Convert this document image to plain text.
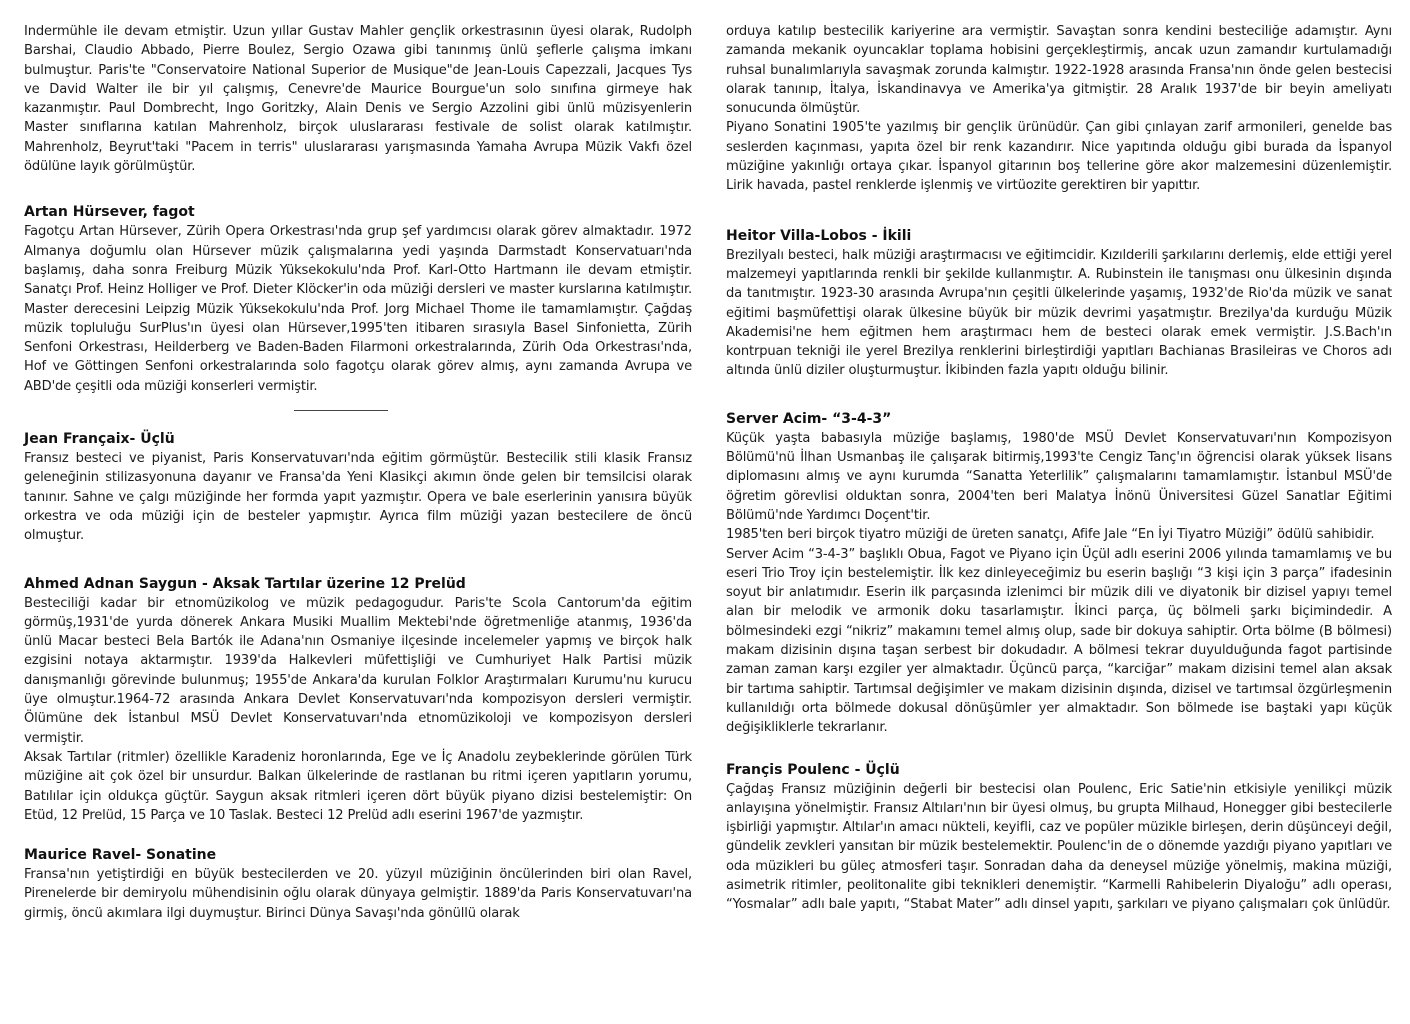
Indermühle ile devam etmiştir. Uzun yıllar Gustav Mahler gençlik orkestrasının üyesi olarak, Rudolph Barshai, Claudio Abbado, Pierre Boulez, Sergio Ozawa gibi tanınmış ünlü şeflerle çalışma imkanı bulmuştur. Paris'te "Conservatoire National Superior de Musique"de Jean-Louis Capezzali, Jacques Tys ve David Walter ile bir yıl çalışmış, Cenevre'de Maurice Bourgue'un solo sınıfına girmeye hak kazanmıştır. Paul Dombrecht, Ingo Goritzky, Alain Denis ve Sergio Azzolini gibi ünlü müzisyenlerin Master sınıflarına katılan Mahrenholz, birçok uluslararası festivale de solist olarak katılmıştır. Mahrenholz, Beyrut'taki "Pacem in terris" uluslararası yarışmasında Yamaha Avrupa Müzik Vakfı özel ödülüne layık görülmüştür.

Artan Hürsever, fagot

Fagotçu Artan Hürsever, Zürih Opera Orkestrası'nda grup şef yardımcısı olarak görev almaktadır. 1972 Almanya doğumlu olan Hürsever müzik çalışmalarına yedi yaşında Darmstadt Konservatuarı'nda başlamış, daha sonra Freiburg Müzik Yüksekokulu'nda Prof. Karl-Otto Hartmann ile devam etmiştir. Sanatçı Prof. Heinz Holliger ve Prof. Dieter Klöcker'in oda müziği dersleri ve master kurslarına katılmıştır. Master derecesini Leipzig Müzik Yüksekokulu'nda Prof. Jorg Michael Thome ile tamamlamıştır. Çağdaş müzik topluluğu SurPlus'ın üyesi olan Hürsever,1995'ten itibaren sırasıyla Basel Sinfonietta, Zürih Senfoni Orkestrası, Heilderberg ve Baden-Baden Filarmoni orkestralarında, Zürih Oda Orkestrası'nda, Hof ve Göttingen Senfoni orkestralarında solo fagotçu olarak görev almış, aynı zamanda Avrupa ve ABD'de çeşitli oda müziği konserleri vermiştir.

Jean Françaix- Üçlü

Fransız besteci ve piyanist, Paris Konservatuvarı'nda eğitim görmüştür. Bestecilik stili klasik Fransız geleneğinin stilizasyonuna dayanır ve Fransa'da Yeni Klasikçi akımın önde gelen bir temsilcisi olarak tanınır. Sahne ve çalgı müziğinde her formda yapıt yazmıştır. Opera ve bale eserlerinin yanısıra büyük orkestra ve oda müziği için de besteler yapmıştır. Ayrıca film müziği yazan bestecilere de öncü olmuştur.

Ahmed Adnan Saygun - Aksak Tartılar üzerine 12 Prelüd

Besteciliği kadar bir etnomüzikolog ve müzik pedagogudur. Paris'te Scola Cantorum'da eğitim görmüş,1931'de yurda dönerek Ankara Musiki Muallim Mektebi'nde öğretmenliğe atanmış, 1936'da ünlü Macar besteci Bela Bartók ile Adana'nın Osmaniye ilçesinde incelemeler yapmış ve birçok halk ezgisini notaya aktarmıştır. 1939'da Halkevleri müfettişliği ve Cumhuriyet Halk Partisi müzik danışmanlığı görevinde bulunmuş; 1955'de Ankara'da kurulan Folklor Araştırmaları Kurumu'nu kurucu üye olmuştur.1964-72 arasında Ankara Devlet Konservatuvarı'nda kompozisyon dersleri vermiştir. Ölümüne dek İstanbul MSÜ Devlet Konservatuvarı'nda etnomüzikoloji ve kompozisyon dersleri vermiştir.

Aksak Tartılar (ritmler) özellikle Karadeniz horonlarında, Ege ve İç Anadolu zeybeklerinde görülen Türk müziğine ait çok özel bir unsurdur. Balkan ülkelerinde de rastlanan bu ritmi içeren yapıtların yorumu, Batılılar için oldukça güçtür. Saygun aksak ritmleri içeren dört büyük piyano dizisi bestelemiştir: On Etüd, 12 Prelüd, 15 Parça ve 10 Taslak. Besteci 12 Prelüd adlı eserini 1967'de yazmıştır.

Maurice Ravel- Sonatine

Fransa'nın yetiştirdiği en büyük bestecilerden ve 20. yüzyıl müziğinin öncülerinden biri olan Ravel, Pirenelerde bir demiryolu mühendisinin oğlu olarak dünyaya gelmiştir. 1889'da Paris Konservatuvarı'na girmiş, öncü akımlara ilgi duymuştur. Birinci Dünya Savaşı'nda gönüllü olarak

orduya katılıp bestecilik kariyerine ara vermiştir. Savaştan sonra kendini besteciliğe adamıştır. Aynı zamanda mekanik oyuncaklar toplama hobisini gerçekleştirmiş, ancak uzun zamandır kurtulamadığı ruhsal bunalımlarıyla savaşmak zorunda kalmıştır. 1922-1928 arasında Fransa'nın önde gelen bestecisi olarak tanınıp, İtalya, İskandinavya ve Amerika'ya gitmiştir. 28 Aralık 1937'de bir beyin ameliyatı sonucunda ölmüştür.

Piyano Sonatini 1905'te yazılmış bir gençlik ürünüdür. Çan gibi çınlayan zarif armonileri, genelde bas seslerden kaçınması, yapıta özel bir renk kazandırır. Nice yapıtında olduğu gibi burada da İspanyol müziğine yakınlığı ortaya çıkar. İspanyol gitarının boş tellerine göre akor malzemesini düzenlemiştir. Lirik havada, pastel renklerde işlenmiş ve virtüozite gerektiren bir yapıttır.

Heitor Villa-Lobos - İkili

Brezilyalı besteci, halk müziği araştırmacısı ve eğitimcidir. Kızılderili şarkılarını derlemiş, elde ettiği yerel malzemeyi yapıtlarında renkli bir şekilde kullanmıştır. A. Rubinstein ile tanışması onu ülkesinin dışında da tanıtmıştır. 1923-30 arasında Avrupa'nın çeşitli ülkelerinde yaşamış, 1932'de Rio'da müzik ve sanat eğitimi başmüfettişi olarak ülkesine büyük bir müzik devrimi yaşatmıştır. Brezilya'da kurduğu Müzik Akademisi'ne hem eğitmen hem araştırmacı hem de besteci olarak emek vermiştir. J.S.Bach'ın kontrpuan tekniği ile yerel Brezilya renklerini birleştirdiği yapıtları Bachianas Brasileiras ve Choros adı altında ünlü diziler oluşturmuştur. İkibinden fazla yapıtı olduğu bilinir.

Server Acim- “3-4-3”

Küçük yaşta babasıyla müziğe başlamış, 1980'de MSÜ Devlet Konservatuvarı'nın Kompozisyon Bölümü'nü İlhan Usmanbaş ile çalışarak bitirmiş,1993'te Cengiz Tanç'ın öğrencisi olarak yüksek lisans diplomasını almış ve aynı kurumda “Sanatta Yeterlilik” çalışmalarını tamamlamıştır. İstanbul MSÜ'de öğretim görevlisi olduktan sonra, 2004'ten beri Malatya İnönü Üniversitesi Güzel Sanatlar Eğitimi Bölümü'nde Yardımcı Doçent'tir.

1985'ten beri birçok tiyatro müziği de üreten sanatçı, Afife Jale “En İyi Tiyatro Müziği” ödülü sahibidir.

Server Acim “3-4-3” başlıklı Obua, Fagot ve Piyano için Üçül adlı eserini 2006 yılında tamamlamış ve bu eseri Trio Troy için bestelemiştir. İlk kez dinleyeceğimiz bu eserin başlığı “3 kişi için 3 parça” ifadesinin soyut bir anlatımıdır. Eserin ilk parçasında izlenimci bir müzik dili ve diyatonik bir dizisel yapıyı temel alan bir melodik ve armonik doku tasarlamıştır. İkinci parça, üç bölmeli şarkı biçimindedir. A bölmesindeki ezgi “nikriz” makamını temel almış olup, sade bir dokuya sahiptir. Orta bölme (B bölmesi) makam dizisinin dışına taşan serbest bir dokudadır. A bölmesi tekrar duyulduğunda fagot partisinde zaman zaman karşı ezgiler yer almaktadır. Üçüncü parça, “karciğar” makam dizisini temel alan aksak bir tartıma sahiptir. Tartımsal değişimler ve makam dizisinin dışında, dizisel ve tartımsal özgürleşmenin kullanıldığı orta bölmede dokusal dönüşümler yer almaktadır. Son bölmede ise baştaki yapı küçük değişikliklerle tekrarlanır.

Françis Poulenc - Üçlü

Çağdaş Fransız müziğinin değerli bir bestecisi olan Poulenc, Eric Satie'nin etkisiyle yenilikçi müzik anlayışına yönelmiştir. Fransız Altıları'nın bir üyesi olmuş, bu grupta Milhaud, Honegger gibi bestecilerle işbirliği yapmıştır. Altılar'ın amacı nükteli, keyifli, caz ve popüler müzikle birleşen, derin düşünceyi değil, gündelik zevkleri yansıtan bir müzik bestelemektir. Poulenc'in de o dönemde yazdığı piyano yapıtları ve oda müzikleri bu güleç atmosferi taşır. Sonradan daha da deneysel müziğe yönelmiş, makina müziği, asimetrik ritimler, peolitonalite gibi teknikleri denemiştir. “Karmelli Rahibelerin Diyaloğu” adlı operası, “Yosmalar” adlı bale yapıtı, “Stabat Mater” adlı dinsel yapıtı, şarkıları ve piyano çalışmaları çok ünlüdür.
